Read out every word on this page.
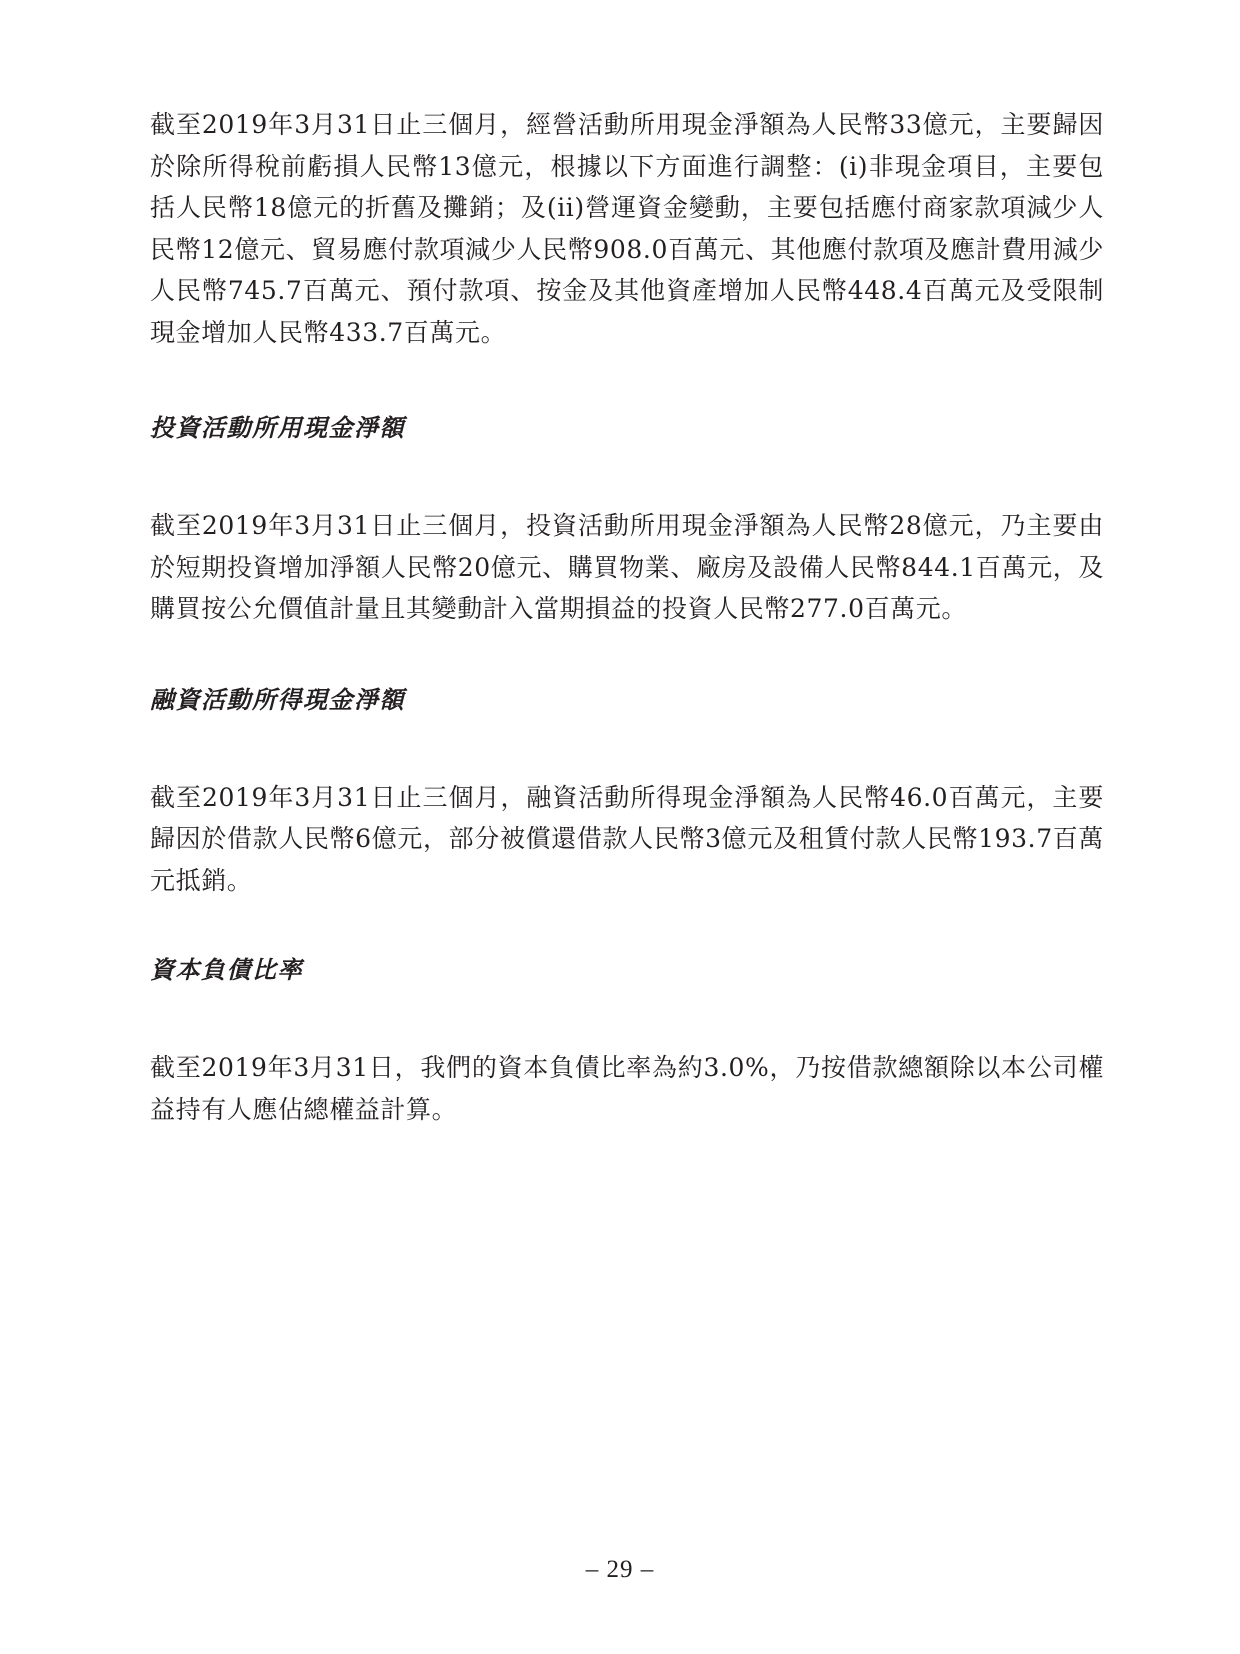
截至2019年3月31日止三個月，經營活動所用現金淨額為人民幣33億元，主要歸因於除所得稅前虧損人民幣13億元，根據以下方面進行調整：(i)非現金項目，主要包括人民幣18億元的折舊及攤銷；及(ii)營運資金變動，主要包括應付商家款項減少人民幣12億元、貿易應付款項減少人民幣908.0百萬元、其他應付款項及應計費用減少人民幣745.7百萬元、預付款項、按金及其他資產增加人民幣448.4百萬元及受限制現金增加人民幣433.7百萬元。

投資活動所用現金淨額

截至2019年3月31日止三個月，投資活動所用現金淨額為人民幣28億元，乃主要由於短期投資增加淨額人民幣20億元、購買物業、廠房及設備人民幣844.1百萬元，及購買按公允價值計量且其變動計入當期損益的投資人民幣277.0百萬元。

融資活動所得現金淨額

截至2019年3月31日止三個月，融資活動所得現金淨額為人民幣46.0百萬元，主要歸因於借款人民幣6億元，部分被償還借款人民幣3億元及租賃付款人民幣193.7百萬元抵銷。

資本負債比率

截至2019年3月31日，我們的資本負債比率為約3.0%，乃按借款總額除以本公司權益持有人應佔總權益計算。

– 29 –
